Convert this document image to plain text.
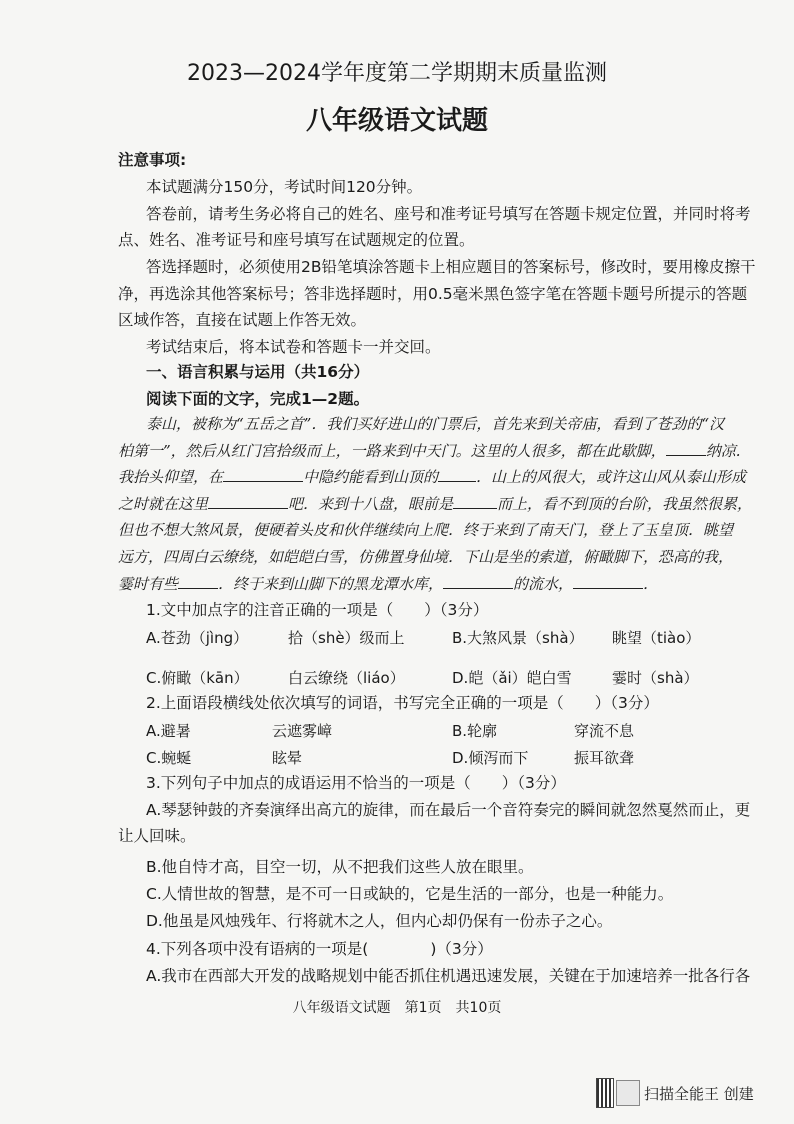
2023—2024学年度第二学期期末质量监测
八年级语文试题
注意事项:
本试题满分150分，考试时间120分钟。
答卷前，请考生务必将自己的姓名、座号和准考证号填写在答题卡规定位置，并同时将考
点、姓名、准考证号和座号填写在试题规定的位置。
答选择题时，必须使用2B铅笔填涂答题卡上相应题目的答案标号，修改时，要用橡皮擦干
净，再选涂其他答案标号；答非选择题时，用0.5毫米黑色签字笔在答题卡题号所提示的答题
区域作答，直接在试题上作答无效。
考试结束后，将本试卷和答题卡一并交回。
一、语言积累与运用（共16分）
阅读下面的文字，完成1—2题。
泰山，被称为“五岳之首”．我们买好进山的门票后，首先来到关帝庙，看到了苍劲的“汉
柏第一”，然后从红门宫拾级而上，一路来到中天门。这里的人很多，都在此歇脚，	纳凉.
我抬头仰望，在	中隐约能看到山顶的	．山上的风很大，或许这山风从泰山形成
之时就在这里	吧．来到十八盘，眼前是	而上，看不到顶的台阶，我虽然很累，
但也不想大煞风景，便硬着头皮和伙伴继续向上爬．终于来到了南天门，登上了玉皇顶．眺望
远方，四周白云缭绕，如皑皑白雪，仿佛置身仙境．下山是坐的索道，俯瞰脚下，恐高的我，
霎时有些	．终于来到山脚下的黑龙潭水库，	的流水，	．
1.文中加点字的注音正确的一项是（　　）（3分）
A.苍劲（jìng）	拾（shè）级而上	B.大煞风景（shà） 眺望（tiào）
C.俯瞰（kān）	白云缭绕（liáo）	D.皑（ǎi）皑白雪	霎时（shà）
2.上面语段横线处依次填写的词语，书写完全正确的一项是（　　）（3分）
A.避暑	云遮雾嶂	B.轮廓	穿流不息
C.蜿蜒	眩晕	D.倾泻而下	振耳欲聋
3.下列句子中加点的成语运用不恰当的一项是（　　）（3分）
A.琴瑟钟鼓的齐奏演绎出高亢的旋律，而在最后一个音符奏完的瞬间就忽然戛然而止，更
让人回味。
B.他自恃才高，目空一切，从不把我们这些人放在眼里。
C.人情世故的智慧，是不可一日或缺的，它是生活的一部分，也是一种能力。
D.他虽是风烛残年、行将就木之人，但内心却仍保有一份赤子之心。
4.下列各项中没有语病的一项是(　　　　)（3分）
A.我市在西部大开发的战略规划中能否抓住机遇迅速发展，关键在于加速培养一批各行各
八年级语文试题　第1页　共10页
扫描全能王 创建
